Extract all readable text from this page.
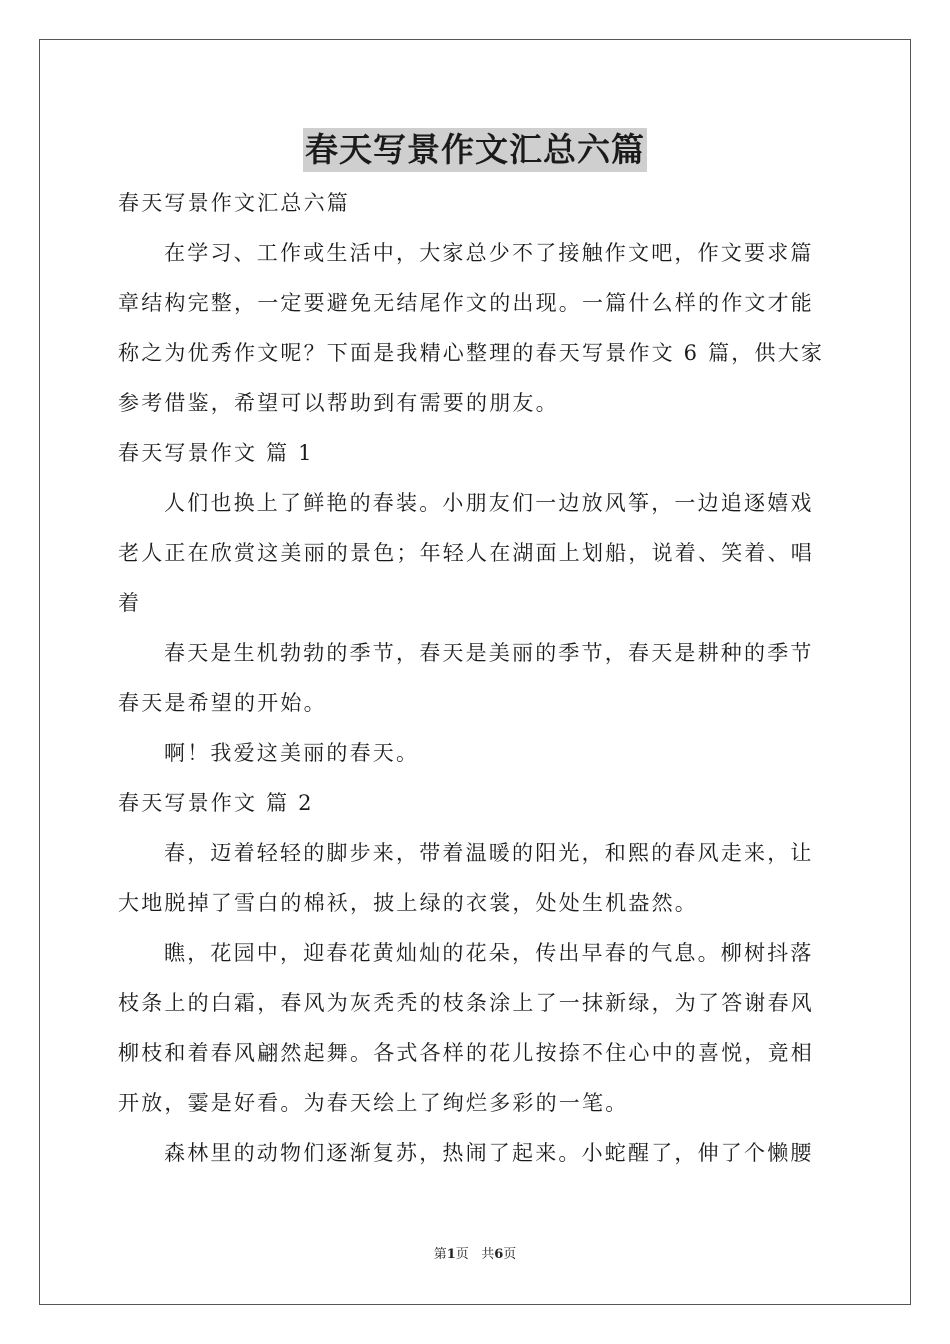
春天写景作文汇总六篇
春天写景作文汇总六篇
在学习、工作或生活中，大家总少不了接触作文吧，作文要求篇
章结构完整，一定要避免无结尾作文的出现。一篇什么样的作文才能
称之为优秀作文呢？下面是我精心整理的春天写景作文 6 篇，供大家
参考借鉴，希望可以帮助到有需要的朋友。
春天写景作文 篇 1
人们也换上了鲜艳的春装。小朋友们一边放风筝，一边追逐嬉戏
老人正在欣赏这美丽的景色；年轻人在湖面上划船，说着、笑着、唱
着
春天是生机勃勃的季节，春天是美丽的季节，春天是耕种的季节
春天是希望的开始。
啊！我爱这美丽的春天。
春天写景作文 篇 2
春，迈着轻轻的脚步来，带着温暖的阳光，和熙的春风走来，让
大地脱掉了雪白的棉袄，披上绿的衣裳，处处生机盎然。
瞧，花园中，迎春花黄灿灿的花朵，传出早春的气息。柳树抖落
枝条上的白霜，春风为灰秃秃的枝条涂上了一抹新绿，为了答谢春风
柳枝和着春风翩然起舞。各式各样的花儿按捺不住心中的喜悦，竟相
开放，霎是好看。为春天绘上了绚烂多彩的一笔。
森林里的动物们逐渐复苏，热闹了起来。小蛇醒了，伸了个懒腰
第1页 共6页
